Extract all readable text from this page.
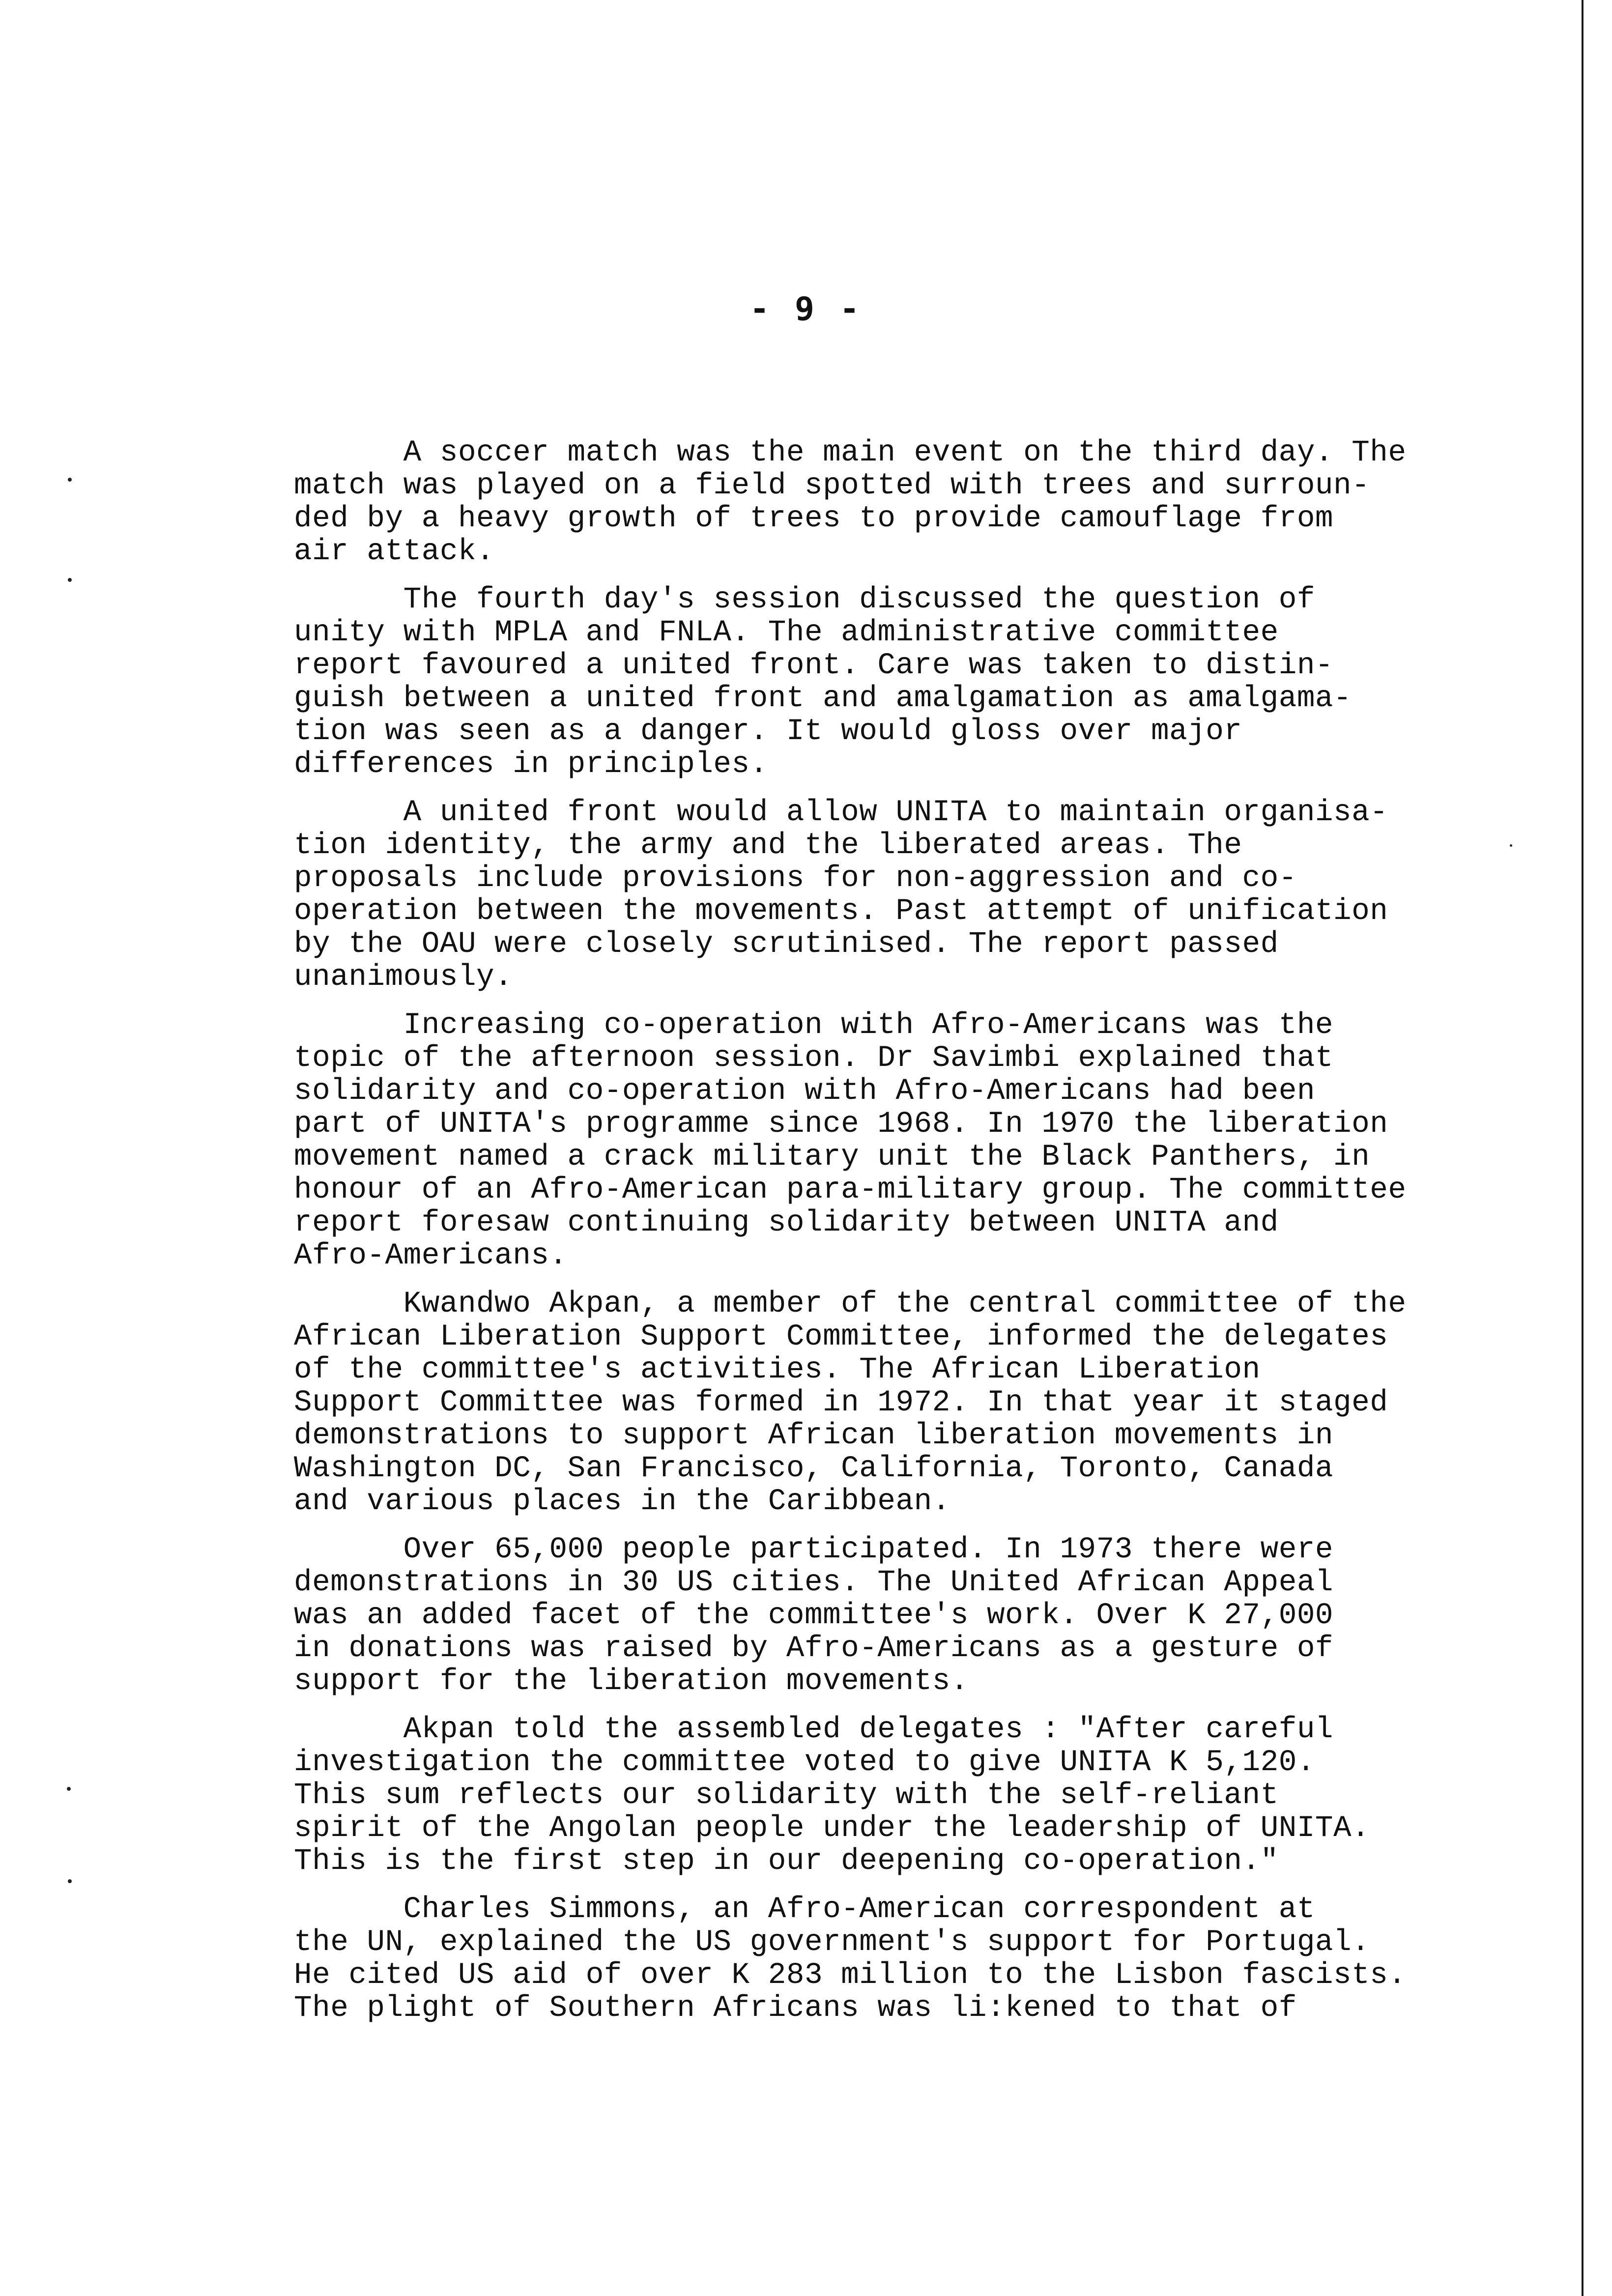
- 9 -
A soccer match was the main event on the third day. The
match was played on a field spotted with trees and surroun-
ded by a heavy growth of trees to provide camouflage from
air attack.
The fourth day's session discussed the question of
unity with MPLA and FNLA. The administrative committee
report favoured a united front. Care was taken to distin-
guish between a united front and amalgamation as amalgama-
tion was seen as a danger. It would gloss over major
differences in principles.
A united front would allow UNITA to maintain organisa-
tion identity, the army and the liberated areas. The
proposals include provisions for non-aggression and co-
operation between the movements. Past attempt of unification
by the OAU were closely scrutinised. The report passed
unanimously.
Increasing co-operation with Afro-Americans was the
topic of the afternoon session. Dr Savimbi explained that
solidarity and co-operation with Afro-Americans had been
part of UNITA's programme since 1968. In 1970 the liberation
movement named a crack military unit the Black Panthers, in
honour of an Afro-American para-military group. The committee
report foresaw continuing solidarity between UNITA and
Afro-Americans.
Kwandwo Akpan, a member of the central committee of the
African Liberation Support Committee, informed the delegates
of the committee's activities. The African Liberation
Support Committee was formed in 1972. In that year it staged
demonstrations to support African liberation movements in
Washington DC, San Francisco, California, Toronto, Canada
and various places in the Caribbean.
Over 65,000 people participated. In 1973 there were
demonstrations in 30 US cities. The United African Appeal
was an added facet of the committee's work. Over K 27,000
in donations was raised by Afro-Americans as a gesture of
support for the liberation movements.
Akpan told the assembled delegates : "After careful
investigation the committee voted to give UNITA K 5,120.
This sum reflects our solidarity with the self-reliant
spirit of the Angolan people under the leadership of UNITA.
This is the first step in our deepening co-operation."
Charles Simmons, an Afro-American correspondent at
the UN, explained the US government's support for Portugal.
He cited US aid of over K 283 million to the Lisbon fascists.
The plight of Southern Africans was li:kened to that of
